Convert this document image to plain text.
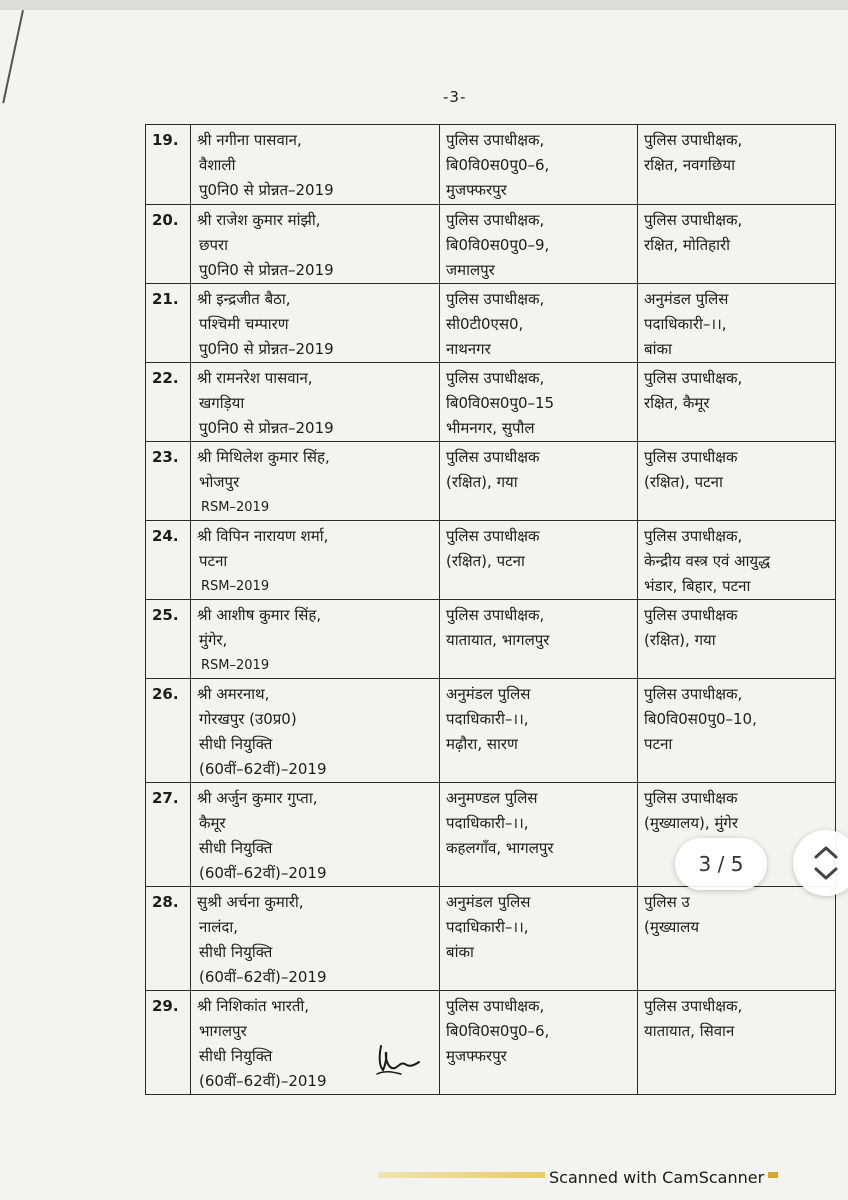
-3-
19.	श्री नगीना पासवान,
वैशाली
पु0नि0 से प्रोन्नत–2019	पुलिस उपाधीक्षक,
बि0वि0स0पु0–6,
मुजफ्फरपुर	पुलिस उपाधीक्षक,
रक्षित, नवगछिया

20.	श्री राजेश कुमार मांझी,
छपरा
पु0नि0 से प्रोन्नत–2019	पुलिस उपाधीक्षक,
बि0वि0स0पु0–9,
जमालपुर	पुलिस उपाधीक्षक,
रक्षित, मोतिहारी

21.	श्री इन्द्रजीत बैठा,
पश्चिमी चम्पारण
पु0नि0 से प्रोन्नत–2019	पुलिस उपाधीक्षक,
सी0टी0एस0,
नाथनगर	अनुमंडल पुलिस
पदाधिकारी–।।,
बांका

22.	श्री रामनरेश पासवान,
खगड़िया
पु0नि0 से प्रोन्नत–2019	पुलिस उपाधीक्षक,
बि0वि0स0पु0–15
भीमनगर, सुपौल	पुलिस उपाधीक्षक,
रक्षित, कैमूर

23.	श्री मिथिलेश कुमार सिंह,
भोजपुर
RSM–2019	पुलिस उपाधीक्षक
(रक्षित), गया	पुलिस उपाधीक्षक
(रक्षित), पटना

24.	श्री विपिन नारायण शर्मा,
पटना
RSM–2019	पुलिस उपाधीक्षक
(रक्षित), पटना	पुलिस उपाधीक्षक,
केन्द्रीय वस्त्र एवं आयुद्ध
भंडार, बिहार, पटना

25.	श्री आशीष कुमार सिंह,
मुंगेर,
RSM–2019	पुलिस उपाधीक्षक,
यातायात, भागलपुर	पुलिस उपाधीक्षक
(रक्षित), गया

26.	श्री अमरनाथ,
गोरखपुर (उ0प्र0)
सीधी नियुक्ति
(60वीं–62वीं)–2019	अनुमंडल पुलिस
पदाधिकारी–।।,
मढ़ौरा, सारण	पुलिस उपाधीक्षक,
बि0वि0स0पु0–10,
पटना

27.	श्री अर्जुन कुमार गुप्ता,
कैमूर
सीधी नियुक्ति
(60वीं–62वीं)–2019	अनुमण्डल पुलिस
पदाधिकारी–।।,
कहलगाँव, भागलपुर	पुलिस उपाधीक्षक
(मुख्यालय), मुंगेर

28.	सुश्री अर्चना कुमारी,
नालंदा,
सीधी नियुक्ति
(60वीं–62वीं)–2019	अनुमंडल पुलिस
पदाधिकारी–।।,
बांका	पुलिस उ
(मुख्यालय

29.	श्री निशिकांत भारती,
भागलपुर
सीधी नियुक्ति
(60वीं–62वीं)–2019	पुलिस उपाधीक्षक,
बि0वि0स0पु0–6,
मुजफ्फरपुर	पुलिस उपाधीक्षक,
यातायात, सिवान
3 / 5
Scanned with CamScanner
